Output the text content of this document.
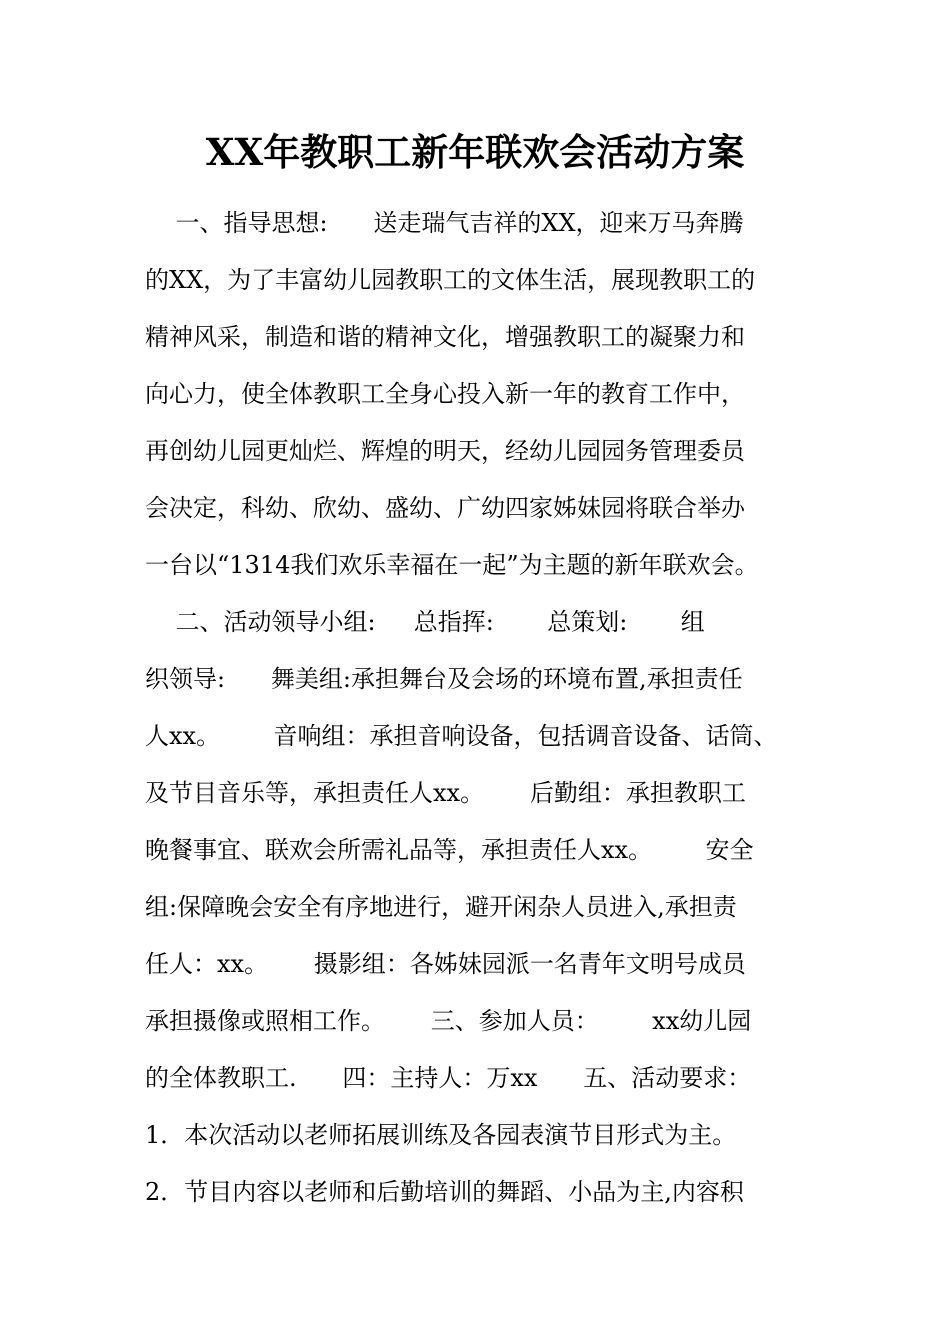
XX年教职工新年联欢会活动方案
一、指导思想:      送走瑞气吉祥的XX，迎来万马奔腾
的XX，为了丰富幼儿园教职工的文体生活，展现教职工的
精神风采，制造和谐的精神文化，增强教职工的凝聚力和
向心力，使全体教职工全身心投入新一年的教育工作中，
再创幼儿园更灿烂、辉煌的明天，经幼儿园园务管理委员
会决定，科幼、欣幼、盛幼、广幼四家姊妹园将联合举办
一台以“1314我们欢乐幸福在一起”为主题的新年联欢会。
二、活动领导小组:     总指挥:       总策划:       组
织领导:      舞美组:承担舞台及会场的环境布置,承担责任
人xx。       音响组：承担音响设备，包括调音设备、话筒、
及节目音乐等，承担责任人xx。      后勤组：承担教职工
晚餐事宜、联欢会所需礼品等，承担责任人xx。       安全
组:保障晚会安全有序地进行，避开闲杂人员进入,承担责
任人：xx。      摄影组：各姊妹园派一名青年文明号成员
承担摄像或照相工作。      三、参加人员：       xx幼儿园
的全体教职工.      四：主持人：万xx      五、活动要求：
1．本次活动以老师拓展训练及各园表演节目形式为主。
2．节目内容以老师和后勤培训的舞蹈、小品为主,内容积
